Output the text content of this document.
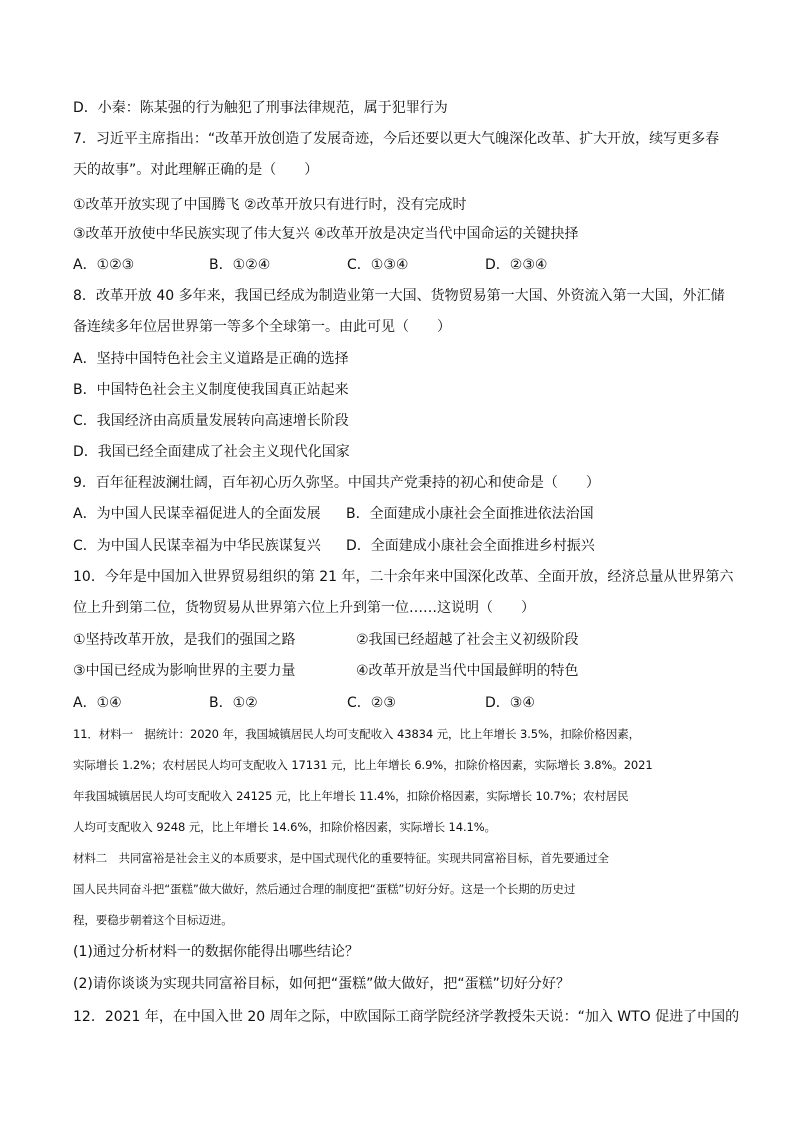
D．小秦：陈某强的行为触犯了刑事法律规范，属于犯罪行为
7．习近平主席指出：“改革开放创造了发展奇迹，今后还要以更大气魄深化改革、扩大开放，续写更多春
天的故事”。对此理解正确的是（　　）
①改革开放实现了中国腾飞 ②改革开放只有进行时，没有完成时
③改革开放使中华民族实现了伟大复兴 ④改革开放是决定当代中国命运的关键抉择
A．①②③	B．①②④	C．①③④	D．②③④
8．改革开放 40 多年来，我国已经成为制造业第一大国、货物贸易第一大国、外资流入第一大国，外汇储
备连续多年位居世界第一等多个全球第一。由此可见（　　）
A．坚持中国特色社会主义道路是正确的选择
B．中国特色社会主义制度使我国真正站起来
C．我国经济由高质量发展转向高速增长阶段
D．我国已经全面建成了社会主义现代化国家
9．百年征程波澜壮阔，百年初心历久弥坚。中国共产党秉持的初心和使命是（　　）
A．为中国人民谋幸福促进人的全面发展 B．全面建成小康社会全面推进依法治国
C．为中国人民谋幸福为中华民族谋复兴 D．全面建成小康社会全面推进乡村振兴
10．今年是中国加入世界贸易组织的第 21 年，二十余年来中国深化改革、全面开放，经济总量从世界第六
位上升到第二位，货物贸易从世界第六位上升到第一位……这说明（　　）
①坚持改革开放，是我们的强国之路	②我国已经超越了社会主义初级阶段
③中国已经成为影响世界的主要力量	④改革开放是当代中国最鲜明的特色
A．①④	B．①②	C．②③	D．③④
11．材料一　据统计：2020 年，我国城镇居民人均可支配收入 43834 元，比上年增长 3.5%，扣除价格因素，
实际增长 1.2%；农村居民人均可支配收入 17131 元，比上年增长 6.9%，扣除价格因素，实际增长 3.8%。2021
年我国城镇居民人均可支配收入 24125 元，比上年增长 11.4%，扣除价格因素，实际增长 10.7%；农村居民
人均可支配收入 9248 元，比上年增长 14.6%，扣除价格因素，实际增长 14.1%。
材料二　共同富裕是社会主义的本质要求，是中国式现代化的重要特征。实现共同富裕目标，首先要通过全
国人民共同奋斗把“蛋糕”做大做好，然后通过合理的制度把“蛋糕”切好分好。这是一个长期的历史过
程，要稳步朝着这个目标迈进。
(1)通过分析材料一的数据你能得出哪些结论？
(2)请你谈谈为实现共同富裕目标，如何把“蛋糕”做大做好，把“蛋糕”切好分好？
12．2021 年，在中国入世 20 周年之际，中欧国际工商学院经济学教授朱天说：“加入 WTO 促进了中国的
